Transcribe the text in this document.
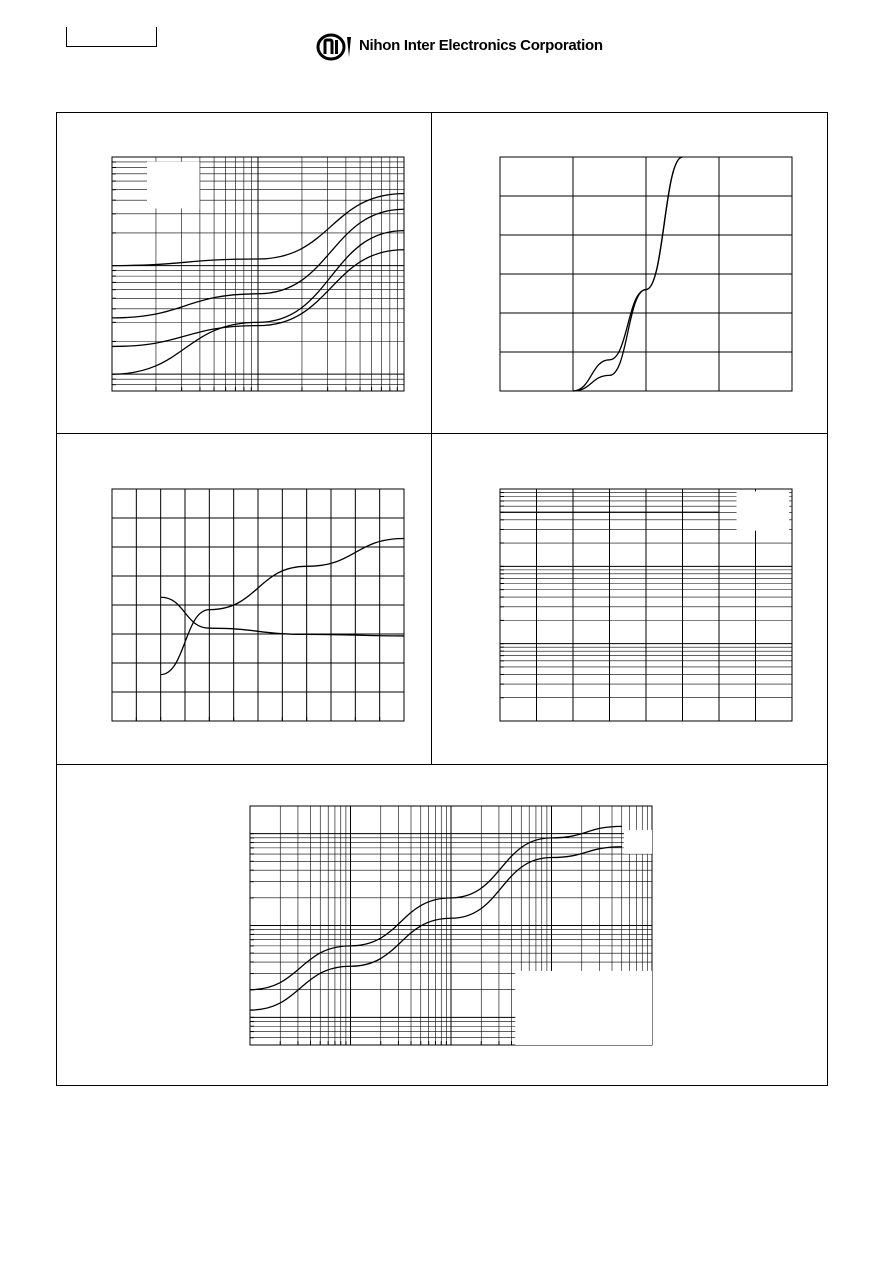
Nihon Inter Electronics Corporation
